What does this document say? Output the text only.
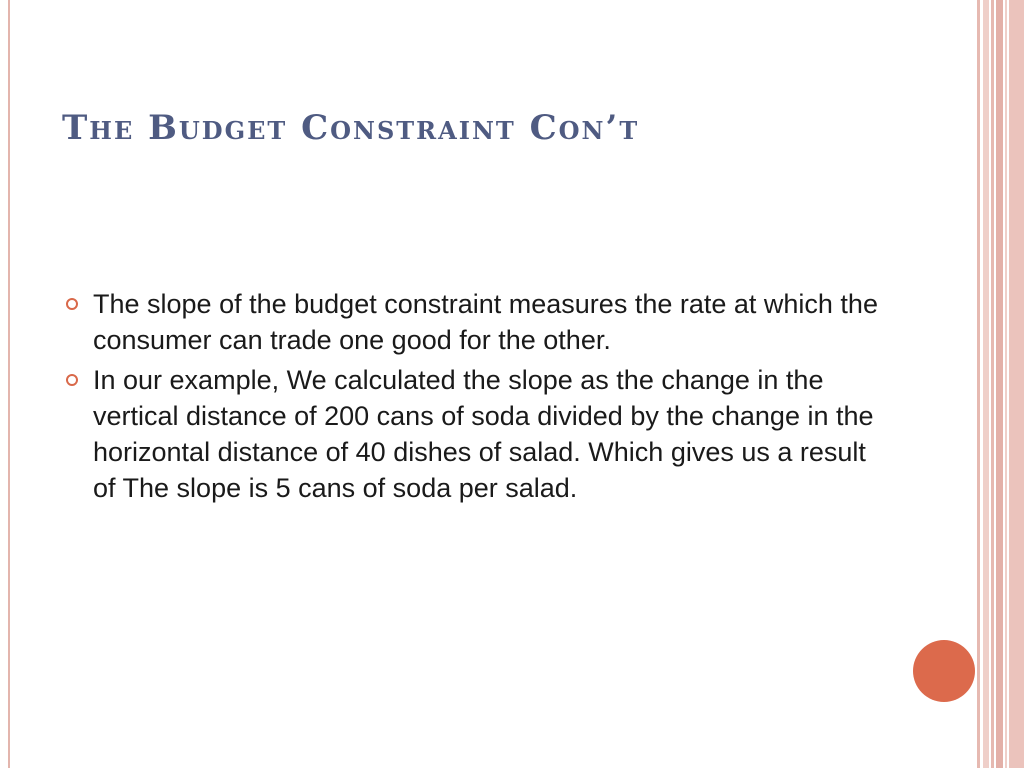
The Budget Constraint Con’t
The slope of the budget constraint measures the rate at which the consumer can trade one good for the other.
In our example, We calculated the slope as the change in the vertical distance of 200 cans of soda divided by the change in the horizontal distance of 40 dishes of salad. Which gives us a result of The slope is 5 cans of soda per salad.
